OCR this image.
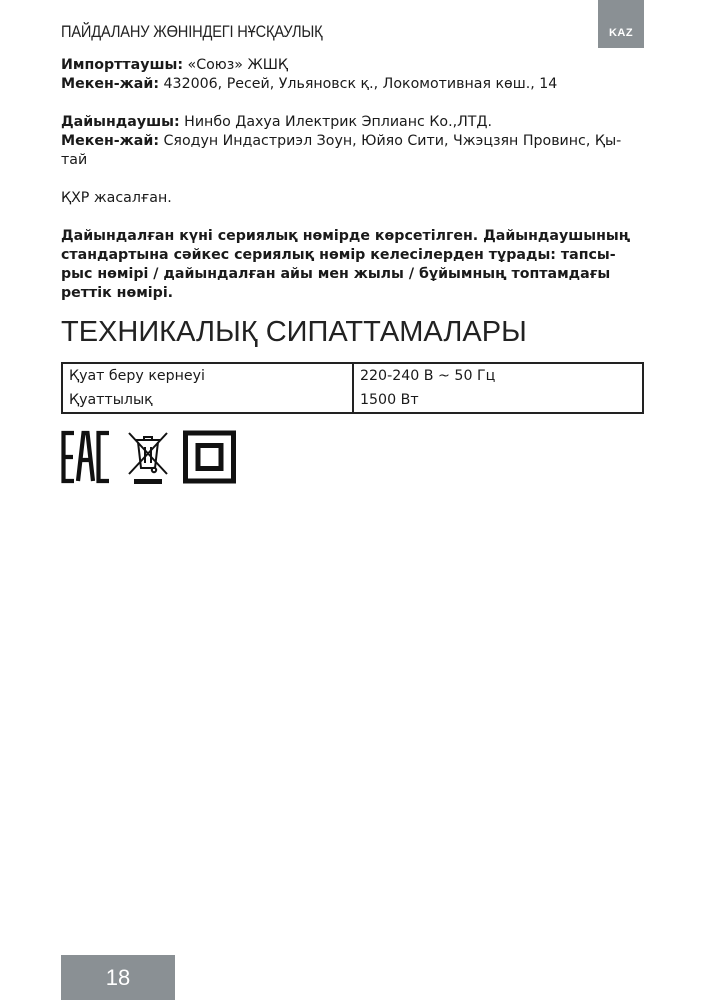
ПАЙДАЛАНУ ЖӨНІНДЕГІ НҰСҚАУЛЫҚ	KAZ

Импорттаушы: «Союз» ЖШҚ

Мекен-жай: 432006, Ресей, Ульяновск қ., Локомотивная көш., 14

Дайындаушы: Нинбо Дахуа Илектрик Эплианс Ко.,ЛТД.

Мекен-жай: Сяодун Индастриэл Зоун, Юйяо Сити, Чжэцзян Провинс, Қы-

тай

ҚХР жасалған.

Дайындалған күні сериялық нөмірде көрсетілген. Дайындаушының

стандартына сәйкес сериялық нөмір келесілерден тұрады: тапсы-

рыс нөмірі / дайындалған айы мен жылы / бұйымның топтамдағы

реттік нөмірі.

ТЕХНИКАЛЫҚ СИПАТТАМАЛАРЫ
Қуат беру кернеуі	220-240 В ~ 50 Гц
Қуаттылық	1500 Вт
18
